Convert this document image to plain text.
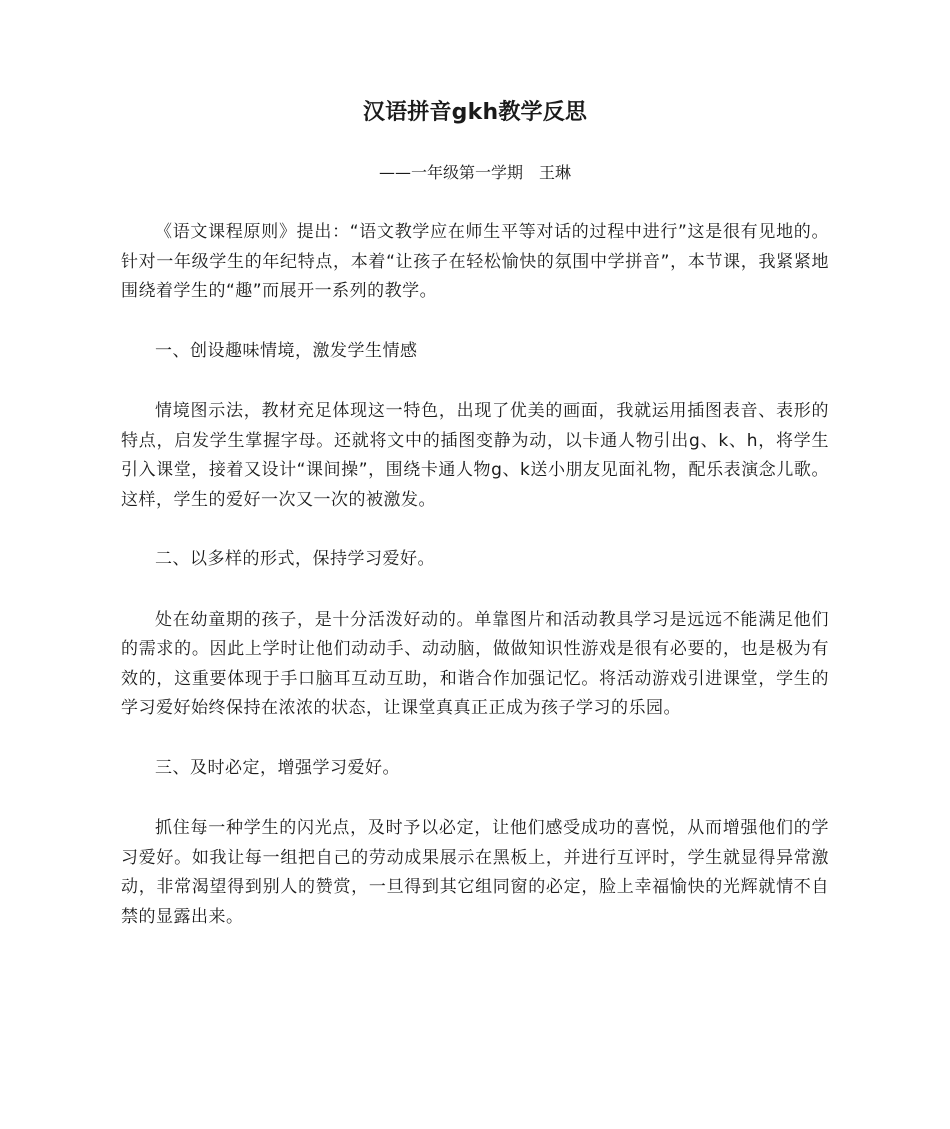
汉语拼音gkh教学反思

——一年级第一学期　王琳

《语文课程原则》提出：“语文教学应在师生平等对话的过程中进行”这是很有见地的。针对一年级学生的年纪特点，本着“让孩子在轻松愉快的氛围中学拼音”，本节课，我紧紧地围绕着学生的“趣”而展开一系列的教学。

一、创设趣味情境，激发学生情感

情境图示法，教材充足体现这一特色，出现了优美的画面，我就运用插图表音、表形的特点，启发学生掌握字母。还就将文中的插图变静为动，以卡通人物引出g、k、h，将学生引入课堂，接着又设计“课间操”，围绕卡通人物g、k送小朋友见面礼物，配乐表演念儿歌。这样，学生的爱好一次又一次的被激发。

二、以多样的形式，保持学习爱好。

处在幼童期的孩子，是十分活泼好动的。单靠图片和活动教具学习是远远不能满足他们的需求的。因此上学时让他们动动手、动动脑，做做知识性游戏是很有必要的，也是极为有效的，这重要体现于手口脑耳互动互助，和谐合作加强记忆。将活动游戏引进课堂，学生的学习爱好始终保持在浓浓的状态，让课堂真真正正成为孩子学习的乐园。

三、及时必定，增强学习爱好。

抓住每一种学生的闪光点，及时予以必定，让他们感受成功的喜悦，从而增强他们的学习爱好。如我让每一组把自己的劳动成果展示在黑板上，并进行互评时，学生就显得异常激动，非常渴望得到别人的赞赏，一旦得到其它组同窗的必定，脸上幸福愉快的光辉就情不自禁的显露出来。
